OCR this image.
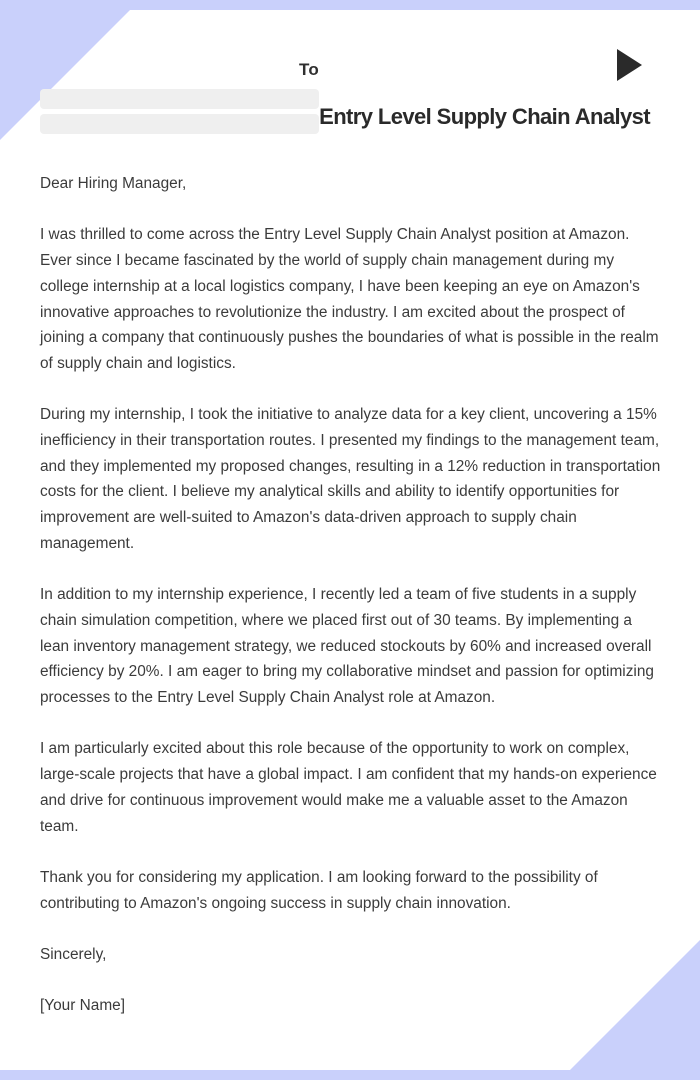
To
Entry Level Supply Chain Analyst

Dear Hiring Manager,

I was thrilled to come across the Entry Level Supply Chain Analyst position at Amazon. Ever since I became fascinated by the world of supply chain management during my college internship at a local logistics company, I have been keeping an eye on Amazon's innovative approaches to revolutionize the industry. I am excited about the prospect of joining a company that continuously pushes the boundaries of what is possible in the realm of supply chain and logistics.

During my internship, I took the initiative to analyze data for a key client, uncovering a 15% inefficiency in their transportation routes. I presented my findings to the management team, and they implemented my proposed changes, resulting in a 12% reduction in transportation costs for the client. I believe my analytical skills and ability to identify opportunities for improvement are well-suited to Amazon's data-driven approach to supply chain management.

In addition to my internship experience, I recently led a team of five students in a supply chain simulation competition, where we placed first out of 30 teams. By implementing a lean inventory management strategy, we reduced stockouts by 60% and increased overall efficiency by 20%. I am eager to bring my collaborative mindset and passion for optimizing processes to the Entry Level Supply Chain Analyst role at Amazon.

I am particularly excited about this role because of the opportunity to work on complex, large-scale projects that have a global impact. I am confident that my hands-on experience and drive for continuous improvement would make me a valuable asset to the Amazon team.

Thank you for considering my application. I am looking forward to the possibility of contributing to Amazon's ongoing success in supply chain innovation.

Sincerely,

[Your Name]
